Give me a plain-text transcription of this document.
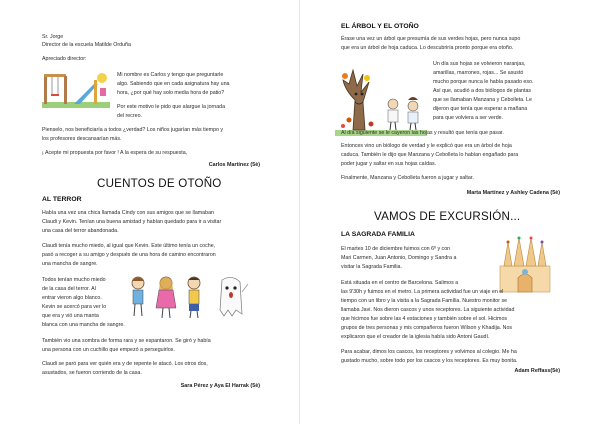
Sr. Jorge
Director de la escuela Matilde Orduña
Apreciado director:
Mi nombre es Carlos y tengo que preguntarle
algo. Sabiendo que en cada asignatura hay una
hora, ¿por qué hay solo media hora de patio?
Por este motivo le pido que alargue la jornada
del recreo.
Pienselo, nos beneficiaría a todos ¿verdad? Los niños jugarían más tiempo y
los profesores descansarían más.
¡ Acepte mi propuesta por favor ! A la espera de su respuesta,
Carlos Martínez (5è)
CUENTOS DE OTOÑO
AL TERROR
Había una vez una chica llamada Cindy con sus amigos que se llamaban
Claudi y Kevin. Tenían una buena amistad y habían quedado para ir a visitar
una casa del terror abandonada.
Claudi tenía mucho miedo, al igual que Kevin. Este último tenía un coche,
pasó a recoger a su amigo y después de una hora de camino encontraron
una mancha de sangre.
Todos tenían mucho miedo
de la casa del terror. Al
entrar vieron algo blanco.
Kevin se acercó para ver lo
que era y vió una manta
blanca con una mancha de sangre.
También vio una sombra de forma rara y se espantaron. Se giró y había
una persona con un cuchillo que empezó a perseguirlos.
Claudi se paró para ver quién era y de repente le atacó. Los otros dos,
asustados, se fueron corriendo de la casa.
Sara Pérez y Aya El Harrak (5è)
EL ÁRBOL Y EL OTOÑO
Érase una vez un árbol que presumía de sus verdes hojas, pero nunca supo
que era un árbol de hoja caduca. Lo descubriría pronto porque era otoño.
Un día sus hojas se volvieron naranjas,
amarillas, marrones, rojas... Se asustó
mucho porque nunca le había pasado eso.
Así que, acudió a dos biólogos de plantas
que se llamaban Manzana y Cebolleta. Le
dijeron que tenía que esperar a mañana
para que volviera a ser verde.
Al día siguiente se le cayeron las hojas y resultó que tenía que pasar.
Entonces vino un biólogo de verdad y le explicó que era un árbol de hoja
caduca. También le dijo que Manzana y Cebolleta lo habían engañado para
poder jugar y saltar en sus hojas caídas.
Finalmente, Manzana y Cebolleta fueron a jugar y saltar.
Marta Martínez y Ashley Cadena (5è)
VAMOS DE EXCURSIÓN...
LA SAGRADA FAMILIA
El martes 10 de diciembre fuimos con 6º y con
Mari Carmen, Juan Antonio, Domingo y Sandra a
visitar la Sagrada Familia.
Está situada en el centro de Barcelona. Salimos a
las 9'30h y fuimos en el metro. La primera actividad fue un viaje en el
tiempo con un libro y la visita a la Sagrada Família. Nuestro monitor se
llamaba Javi. Nos dieron cascos y unos receptores. La siguiente actividad
que hicimos fue sobre las 4 estaciones y también sobre el sol. Hicimos
grupos de tres personas y mis compañeros fueron Wilson y Khadija. Nos
explicaron que el creador de la iglesia había sido Antoni Gaudí.
Para acabar, dimos los cascos, los receptores y volvimos al colegio. Me ha
gustado mucho, sobre todo por los cascos y los receptores. Es muy bonita.
Adam Reffass(5è)
